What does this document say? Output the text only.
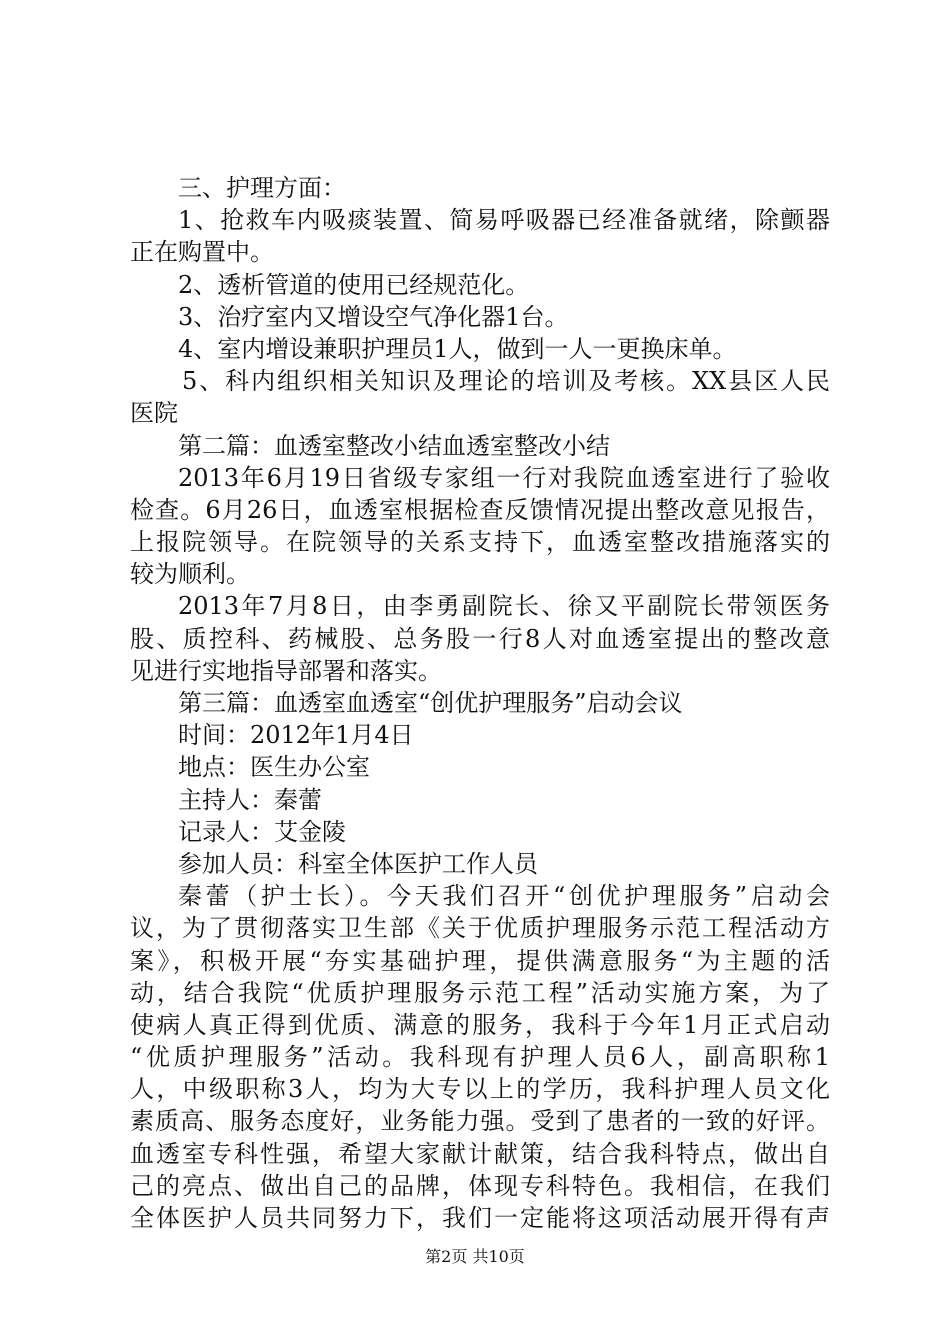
三、护理方面：
1、抢救车内吸痰装置、简易呼吸器已经准备就绪，除颤器
正在购置中。
2、透析管道的使用已经规范化。
3、治疗室内又增设空气净化器1台。
4、室内增设兼职护理员1人，做到一人一更换床单。
5、科内组织相关知识及理论的培训及考核。XX县区人民
医院
第二篇：血透室整改小结血透室整改小结
2013年6月19日省级专家组一行对我院血透室进行了验收
检查。6月26日，血透室根据检查反馈情况提出整改意见报告，
上报院领导。在院领导的关系支持下，血透室整改措施落实的
较为顺利。
2013年7月8日，由李勇副院长、徐又平副院长带领医务
股、质控科、药械股、总务股一行8人对血透室提出的整改意
见进行实地指导部署和落实。
第三篇：血透室血透室“创优护理服务”启动会议
时间：2012年1月4日
地点：医生办公室
主持人：秦蕾
记录人：艾金陵
参加人员：科室全体医护工作人员
秦蕾（护士长）。今天我们召开“创优护理服务”启动会
议，为了贯彻落实卫生部《关于优质护理服务示范工程活动方
案》，积极开展“夯实基础护理，提供满意服务“为主题的活
动，结合我院“优质护理服务示范工程”活动实施方案，为了
使病人真正得到优质、满意的服务，我科于今年1月正式启动
“优质护理服务”活动。我科现有护理人员6人，副高职称1
人，中级职称3人，均为大专以上的学历，我科护理人员文化
素质高、服务态度好，业务能力强。受到了患者的一致的好评。
血透室专科性强，希望大家献计献策，结合我科特点，做出自
己的亮点、做出自己的品牌，体现专科特色。我相信，在我们
全体医护人员共同努力下，我们一定能将这项活动展开得有声
第2页 共10页
